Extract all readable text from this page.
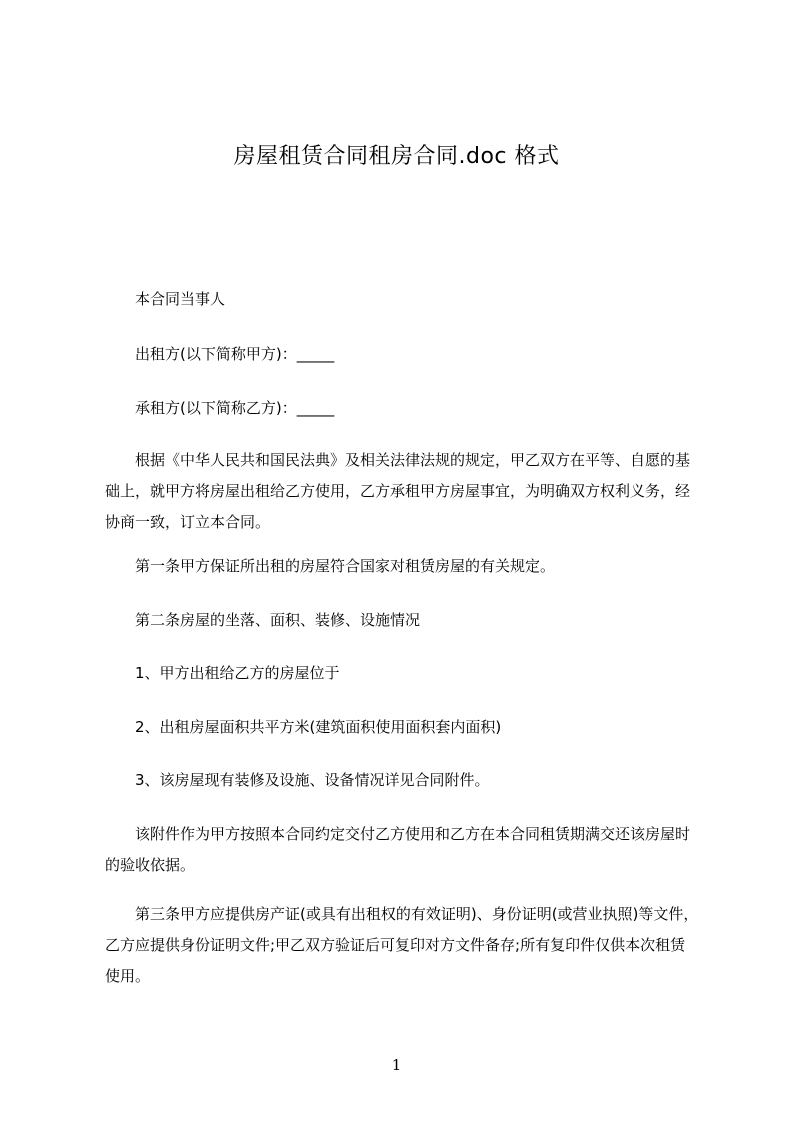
房屋租赁合同租房合同.doc 格式
本合同当事人
出租方(以下简称甲方)：_____
承租方(以下简称乙方)：_____
根据《中华人民共和国民法典》及相关法律法规的规定，甲乙双方在平等、自愿的基础上，就甲方将房屋出租给乙方使用，乙方承租甲方房屋事宜，为明确双方权利义务，经协商一致，订立本合同。
第一条甲方保证所出租的房屋符合国家对租赁房屋的有关规定。
第二条房屋的坐落、面积、装修、设施情况
1、甲方出租给乙方的房屋位于
2、出租房屋面积共平方米(建筑面积使用面积套内面积)
3、该房屋现有装修及设施、设备情况详见合同附件。
该附件作为甲方按照本合同约定交付乙方使用和乙方在本合同租赁期满交还该房屋时的验收依据。
第三条甲方应提供房产证(或具有出租权的有效证明)、身份证明(或营业执照)等文件，乙方应提供身份证明文件;甲乙双方验证后可复印对方文件备存;所有复印件仅供本次租赁使用。
1
